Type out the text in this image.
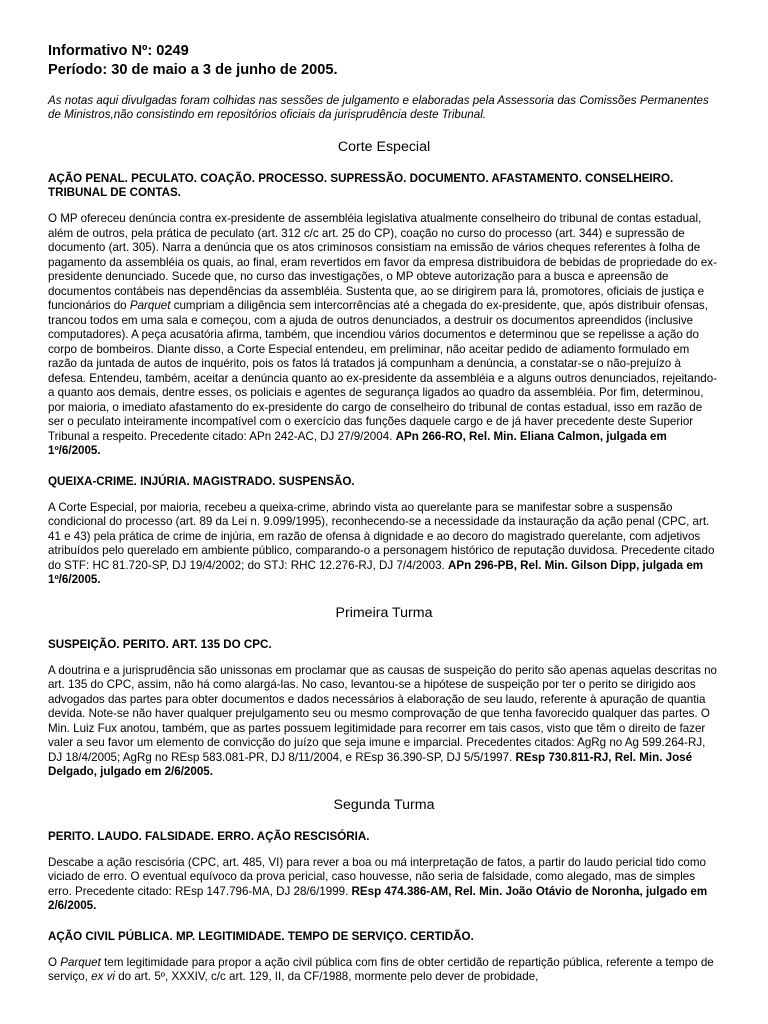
Informativo Nº: 0249

Período: 30 de maio a 3 de junho de 2005.

As notas aqui divulgadas foram colhidas nas sessões de julgamento e elaboradas pela Assessoria das Comissões Permanentes de Ministros,não consistindo em repositórios oficiais da jurisprudência deste Tribunal.

Corte Especial

AÇÃO PENAL. PECULATO. COAÇÃO. PROCESSO. SUPRESSÃO. DOCUMENTO. AFASTAMENTO. CONSELHEIRO. TRIBUNAL DE CONTAS.

O MP ofereceu denúncia contra ex-presidente de assembléia legislativa atualmente conselheiro do tribunal de contas estadual, além de outros, pela prática de peculato (art. 312 c/c art. 25 do CP), coação no curso do processo (art. 344) e supressão de documento (art. 305). Narra a denúncia que os atos criminosos consistiam na emissão de vários cheques referentes à folha de pagamento da assembléia os quais, ao final, eram revertidos em favor da empresa distribuidora de bebidas de propriedade do ex-presidente denunciado. Sucede que, no curso das investigações, o MP obteve autorização para a busca e apreensão de documentos contábeis nas dependências da assembléia. Sustenta que, ao se dirigirem para lá, promotores, oficiais de justiça e funcionários do Parquet cumpriam a diligência sem intercorrências até a chegada do ex-presidente, que, após distribuir ofensas, trancou todos em uma sala e começou, com a ajuda de outros denunciados, a destruir os documentos apreendidos (inclusive computadores). A peça acusatória afirma, também, que incendiou vários documentos e determinou que se repelisse a ação do corpo de bombeiros. Diante disso, a Corte Especial entendeu, em preliminar, não aceitar pedido de adiamento formulado em razão da juntada de autos de inquérito, pois os fatos lá tratados já compunham a denúncia, a constatar-se o não-prejuízo à defesa. Entendeu, também, aceitar a denúncia quanto ao ex-presidente da assembléia e a alguns outros denunciados, rejeitando-a quanto aos demais, dentre esses, os policiais e agentes de segurança ligados ao quadro da assembléia. Por fim, determinou, por maioria, o imediato afastamento do ex-presidente do cargo de conselheiro do tribunal de contas estadual, isso em razão de ser o peculato inteiramente incompatível com o exercício das funções daquele cargo e de já haver precedente deste Superior Tribunal a respeito. Precedente citado: APn 242-AC, DJ 27/9/2004. APn 266-RO, Rel. Min. Eliana Calmon, julgada em 1º/6/2005.

QUEIXA-CRIME. INJÚRIA. MAGISTRADO. SUSPENSÃO.

A Corte Especial, por maioria, recebeu a queixa-crime, abrindo vista ao querelante para se manifestar sobre a suspensão condicional do processo (art. 89 da Lei n. 9.099/1995), reconhecendo-se a necessidade da instauração da ação penal (CPC, art. 41 e 43) pela prática de crime de injúria, em razão de ofensa à dignidade e ao decoro do magistrado querelante, com adjetivos atribuídos pelo querelado em ambiente público, comparando-o a personagem histórico de reputação duvidosa. Precedente citado do STF: HC 81.720-SP, DJ 19/4/2002; do STJ: RHC 12.276-RJ, DJ 7/4/2003. APn 296-PB, Rel. Min. Gilson Dipp, julgada em 1º/6/2005.

Primeira Turma

SUSPEIÇÃO. PERITO. ART. 135 DO CPC.

A doutrina e a jurisprudência são unissonas em proclamar que as causas de suspeição do perito são apenas aquelas descritas no art. 135 do CPC, assim, não há como alargá-las. No caso, levantou-se a hipótese de suspeição por ter o perito se dirigido aos advogados das partes para obter documentos e dados necessários à elaboração de seu laudo, referente à apuração de quantia devida. Note-se não haver qualquer prejulgamento seu ou mesmo comprovação de que tenha favorecido qualquer das partes. O Min. Luiz Fux anotou, também, que as partes possuem legitimidade para recorrer em tais casos, visto que têm o direito de fazer valer a seu favor um elemento de convicção do juízo que seja imune e imparcial. Precedentes citados: AgRg no Ag 599.264-RJ, DJ 18/4/2005; AgRg no REsp 583.081-PR, DJ 8/11/2004, e REsp 36.390-SP, DJ 5/5/1997. REsp 730.811-RJ, Rel. Min. José Delgado, julgado em 2/6/2005.

Segunda Turma

PERITO. LAUDO. FALSIDADE. ERRO. AÇÃO RESCISÓRIA.

Descabe a ação rescisória (CPC, art. 485, VI) para rever a boa ou má interpretação de fatos, a partir do laudo pericial tido como viciado de erro. O eventual equívoco da prova pericial, caso houvesse, não seria de falsidade, como alegado, mas de simples erro. Precedente citado: REsp 147.796-MA, DJ 28/6/1999. REsp 474.386-AM, Rel. Min. João Otávio de Noronha, julgado em 2/6/2005.

AÇÃO CIVIL PÚBLICA. MP. LEGITIMIDADE. TEMPO DE SERVIÇO. CERTIDÃO.

O Parquet tem legitimidade para propor a ação civil pública com fins de obter certidão de repartição pública, referente a tempo de serviço, ex vi do art. 5º, XXXIV, c/c art. 129, II, da CF/1988, mormente pelo dever de probidade,
